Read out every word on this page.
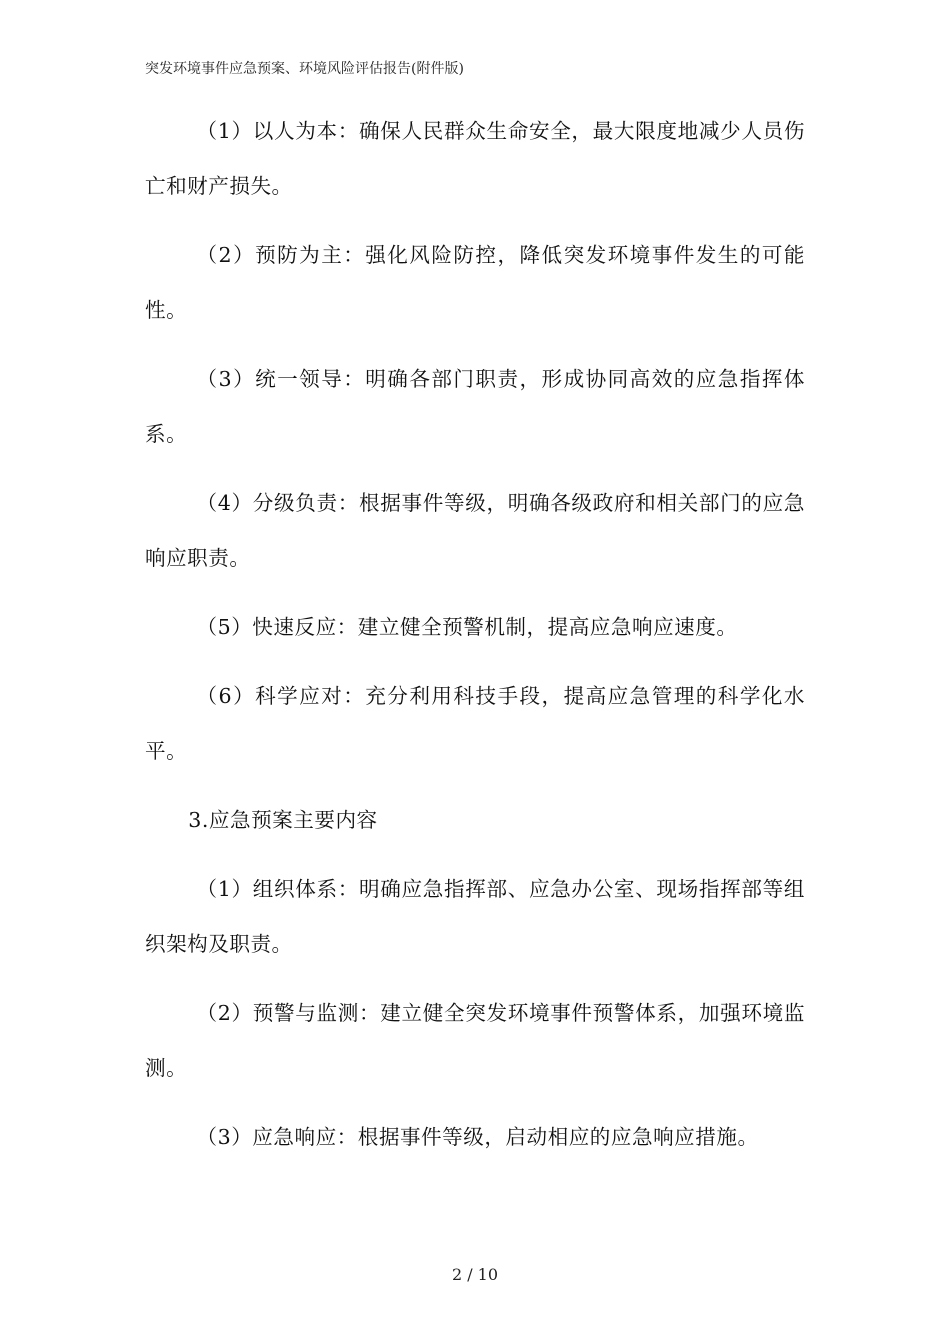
突发环境事件应急预案、环境风险评估报告(附件版)

（1）以人为本：确保人民群众生命安全，最大限度地减少人员伤亡和财产损失。

（2）预防为主：强化风险防控，降低突发环境事件发生的可能性。

（3）统一领导：明确各部门职责，形成协同高效的应急指挥体系。

（4）分级负责：根据事件等级，明确各级政府和相关部门的应急响应职责。

（5）快速反应：建立健全预警机制，提高应急响应速度。

（6）科学应对：充分利用科技手段，提高应急管理的科学化水平。

3.应急预案主要内容

（1）组织体系：明确应急指挥部、应急办公室、现场指挥部等组织架构及职责。

（2）预警与监测：建立健全突发环境事件预警体系，加强环境监测。

（3）应急响应：根据事件等级，启动相应的应急响应措施。

2 / 10
